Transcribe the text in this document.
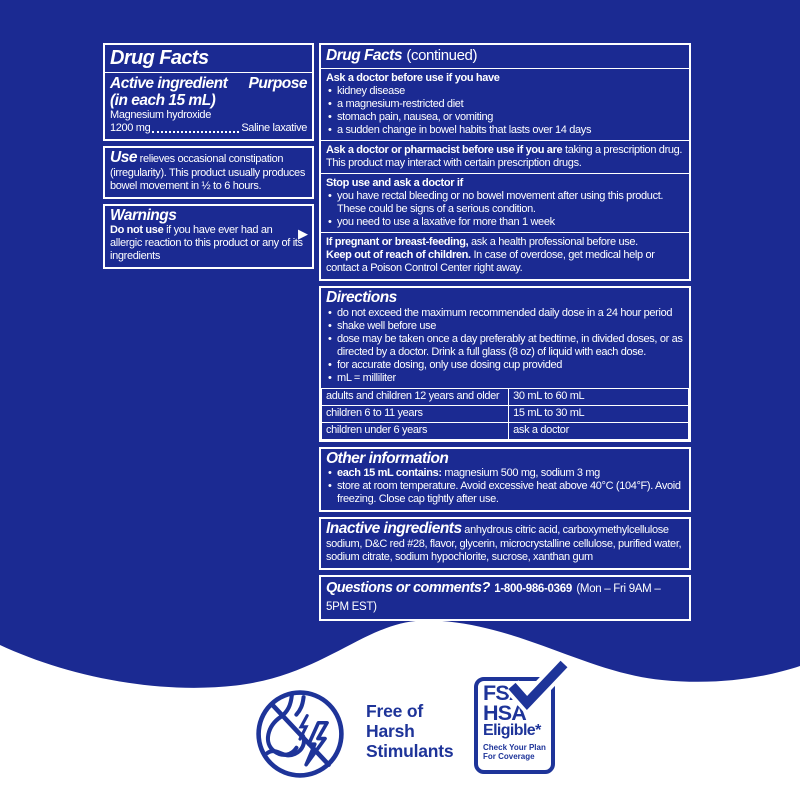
Drug Facts
Active ingredient Purpose
(in each 15 mL)
Magnesium hydroxide
1200 mg	Saline laxative
Use relieves occasional constipation (irregularity). This product usually produces bowel movement in ½ to 6 hours.
Warnings
Do not use if you have ever had an allergic reaction to this product or any of its ingredients
▶
Drug Facts (continued)
Ask a doctor before use if you have
• kidney disease
• a magnesium-restricted diet
• stomach pain, nausea, or vomiting
• a sudden change in bowel habits that lasts over 14 days
Ask a doctor or pharmacist before use if you are taking a prescription drug. This product may interact with certain prescription drugs.
Stop use and ask a doctor if
• you have rectal bleeding or no bowel movement after using this product. These could be signs of a serious condition.
• you need to use a laxative for more than 1 week
If pregnant or breast-feeding, ask a health professional before use.
Keep out of reach of children. In case of overdose, get medical help or contact a Poison Control Center right away.
Directions
• do not exceed the maximum recommended daily dose in a 24 hour period
• shake well before use
• dose may be taken once a day preferably at bedtime, in divided doses, or as directed by a doctor. Drink a full glass (8 oz) of liquid with each dose.
• for accurate dosing, only use dosing cup provided
• mL = milliliter
adults and children 12 years and older	30 mL to 60 mL
children 6 to 11 years	15 mL to 30 mL
children under 6 years	ask a doctor
Other information
• each 15 mL contains: magnesium 500 mg, sodium 3 mg
• store at room temperature. Avoid excessive heat above 40°C (104°F). Avoid freezing. Close cap tightly after use.
Inactive ingredients anhydrous citric acid, carboxymethylcellulose sodium, D&C red #28, flavor, glycerin, microcrystalline cellulose, purified water, sodium citrate, sodium hypochlorite, sucrose, xanthan gum
Questions or comments? 1-800-986-0369 (Mon – Fri 9AM – 5PM EST)
Free of
Harsh
Stimulants
FSA
HSA
Eligible*
Check Your Plan
For Coverage
